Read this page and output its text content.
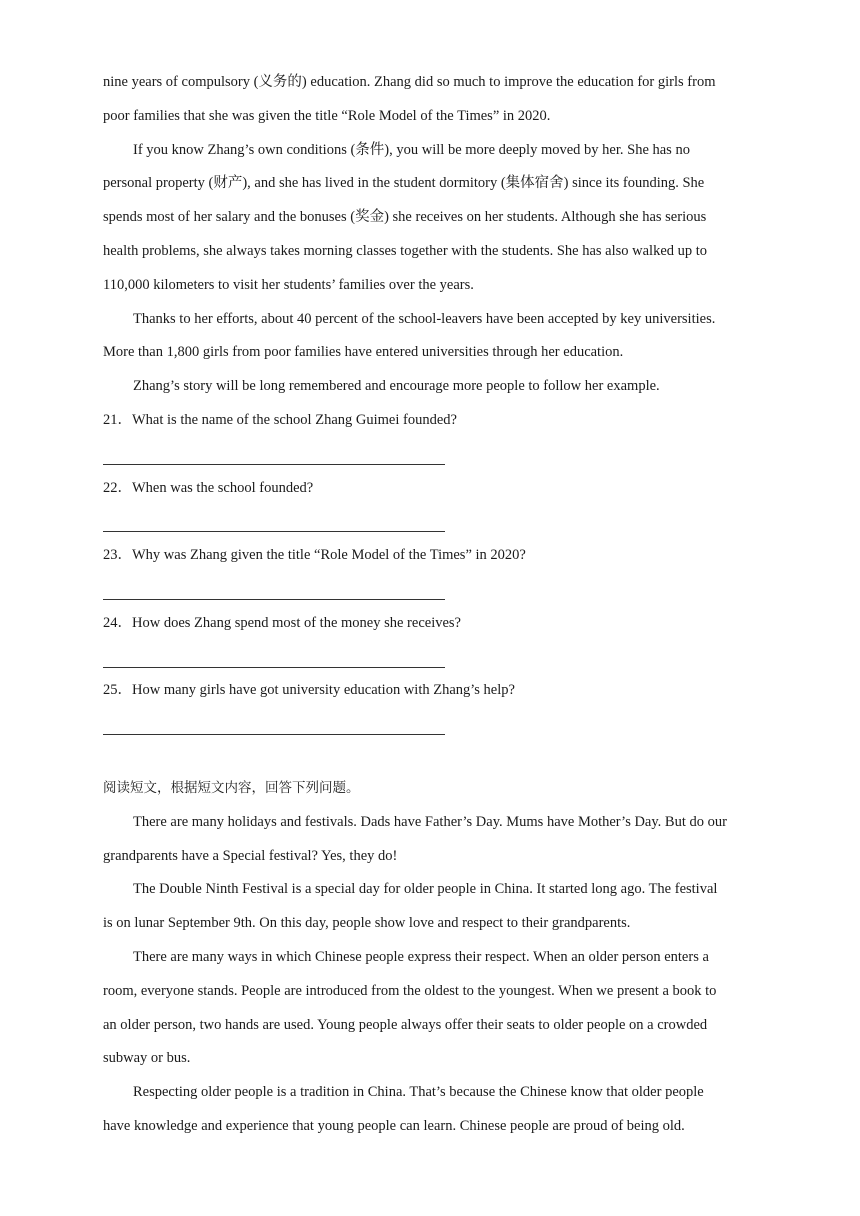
nine years of compulsory (义务的) education. Zhang did so much to improve the education for girls from

poor families that she was given the title “Role Model of the Times” in 2020.

If you know Zhang’s own conditions (条件), you will be more deeply moved by her. She has no

personal property (财产), and she has lived in the student dormitory (集体宿舍) since its founding. She

spends most of her salary and the bonuses (奖金) she receives on her students. Although she has serious

health problems, she always takes morning classes together with the students. She has also walked up to

110,000 kilometers to visit her students’ families over the years.

Thanks to her efforts, about 40 percent of the school-leavers have been accepted by key universities.

More than 1,800 girls from poor families have entered universities through her education.

Zhang’s story will be long remembered and encourage more people to follow her example.

21．What is the name of the school Zhang Guimei founded?

22．When was the school founded?

23．Why was Zhang given the title “Role Model of the Times” in 2020?

24．How does Zhang spend most of the money she receives?

25．How many girls have got university education with Zhang’s help?

阅读短文，根据短文内容，回答下列问题。

There are many holidays and festivals. Dads have Father’s Day. Mums have Mother’s Day. But do our

grandparents have a Special festival? Yes, they do!

The Double Ninth Festival is a special day for older people in China. It started long ago. The festival

is on lunar September 9th. On this day, people show love and respect to their grandparents.

There are many ways in which Chinese people express their respect. When an older person enters a

room, everyone stands. People are introduced from the oldest to the youngest. When we present a book to

an older person, two hands are used. Young people always offer their seats to older people on a crowded

subway or bus.

Respecting older people is a tradition in China. That’s because the Chinese know that older people

have knowledge and experience that young people can learn. Chinese people are proud of being old.
